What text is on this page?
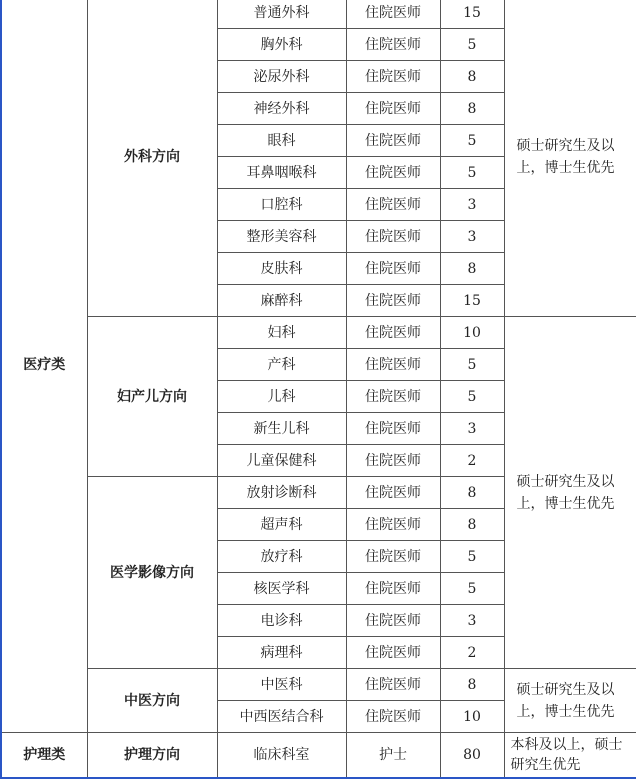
医疗类	外科方向	普通外科	住院医师	15	硕士研究生及以上，博士生优先
		胸外科	住院医师	5	
		泌尿外科	住院医师	8	
		神经外科	住院医师	8	
		眼科	住院医师	5	
		耳鼻咽喉科	住院医师	5	
		口腔科	住院医师	3	
		整形美容科	住院医师	3	
		皮肤科	住院医师	8	
		麻醉科	住院医师	15	
	妇产儿方向	妇科	住院医师	10	硕士研究生及以上，博士生优先
		产科	住院医师	5	
		儿科	住院医师	5	
		新生儿科	住院医师	3	
		儿童保健科	住院医师	2	
	医学影像方向	放射诊断科	住院医师	8	
		超声科	住院医师	8	
		放疗科	住院医师	5	
		核医学科	住院医师	5	
		电诊科	住院医师	3	
		病理科	住院医师	2	
	中医方向	中医科	住院医师	8	硕士研究生及以上，博士生优先
		中西医结合科	住院医师	10	
护理类	护理方向	临床科室	护士	80	本科及以上，硕士研究生优先
